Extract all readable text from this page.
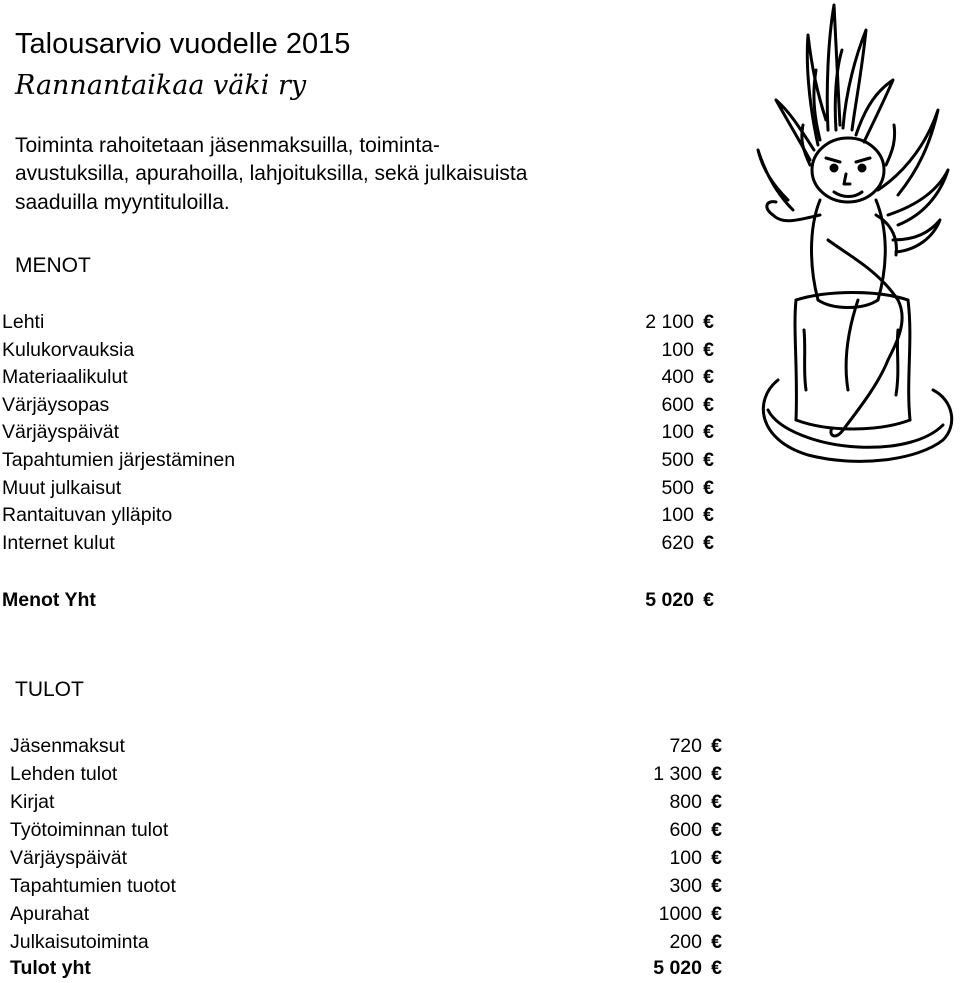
Talousarvio vuodelle 2015
Rannantaikaa väki ry
Toiminta rahoitetaan jäsenmaksuilla, toiminta-
avustuksilla, apurahoilla, lahjoituksilla, sekä julkaisuista
saaduilla myyntituloilla.
MENOT
Lehti	2 100 €
Kulukorvauksia	100 €
Materiaalikulut	400 €
Värjäysopas	600 €
Värjäyspäivät	100 €
Tapahtumien järjestäminen	500 €
Muut julkaisut	500 €
Rantaituvan ylläpito	100 €
Internet kulut	620 €
Menot Yht	5 020 €
Jäsenmaksut	720 €
Lehden tulot	1 300 €
Kirjat	800 €
Työtoiminnan tulot	600 €
Värjäyspäivät	100 €
Tapahtumien tuotot	300 €
Apurahat	1000 €
Julkaisutoiminta	200 €
Tulot yht	5 020 €
TULOT
